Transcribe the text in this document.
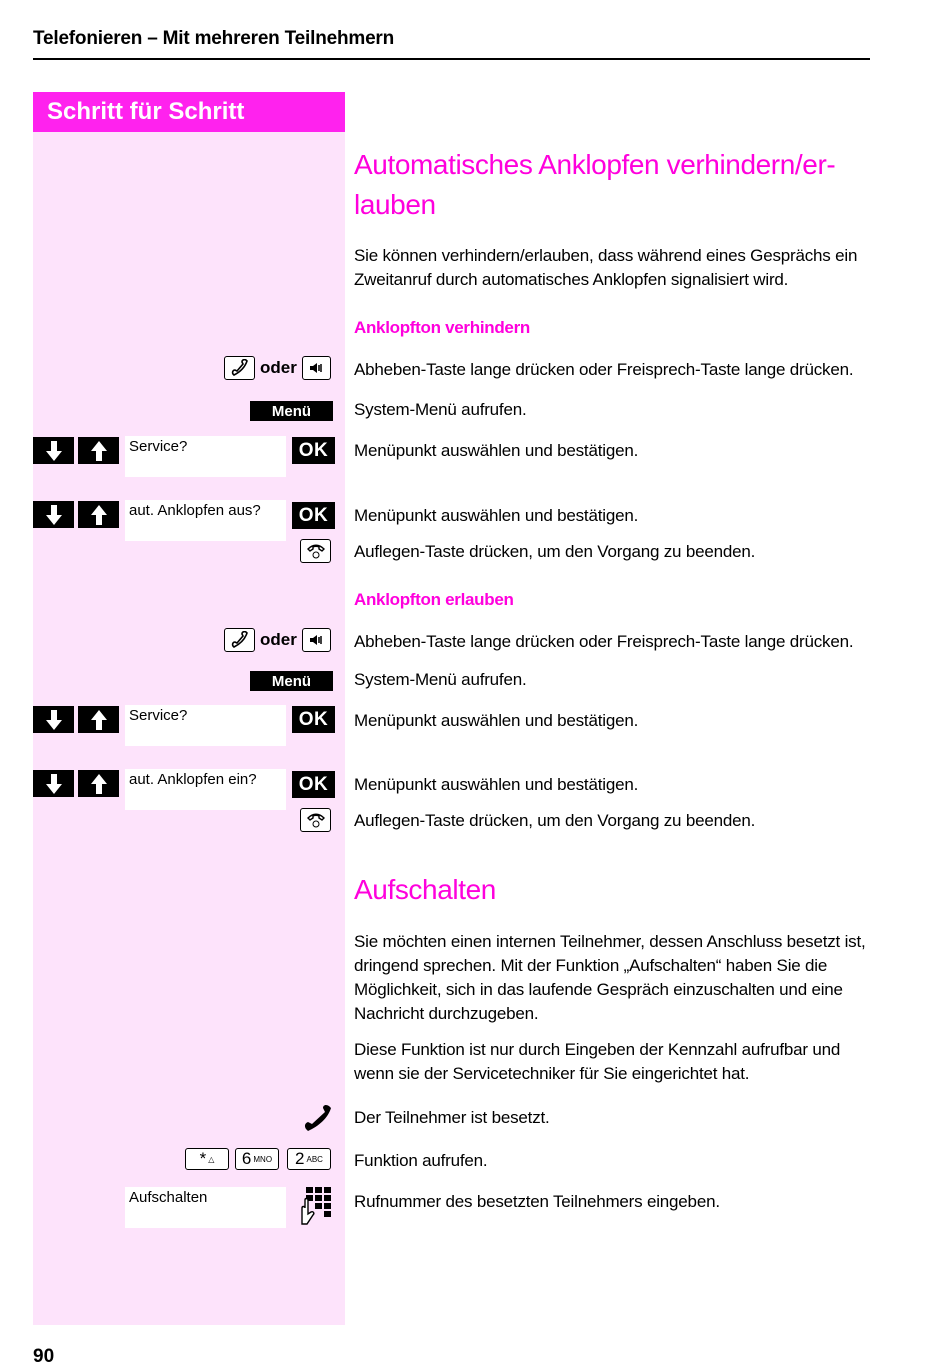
Telefonieren – Mit mehreren Teilnehmern
Schritt für Schritt
Automatisches Anklopfen verhindern/er-
lauben
Sie können verhindern/erlauben, dass während eines Gesprächs ein Zweitanruf durch automatisches Anklopfen signalisiert wird.
Anklopfton verhindern
oder	Abheben-Taste lange drücken oder Freisprech-Taste lange drücken.
Menü	System-Menü aufrufen.
Service?	OK	Menüpunkt auswählen und bestätigen.
aut. Anklopfen aus?	OK	Menüpunkt auswählen und bestätigen.
Auflegen-Taste drücken, um den Vorgang zu beenden.
Anklopfton erlauben
oder	Abheben-Taste lange drücken oder Freisprech-Taste lange drücken.
Menü	System-Menü aufrufen.
Service?	OK	Menüpunkt auswählen und bestätigen.
aut. Anklopfen ein?	OK	Menüpunkt auswählen und bestätigen.
Auflegen-Taste drücken, um den Vorgang zu beenden.
Aufschalten
Sie möchten einen internen Teilnehmer, dessen Anschluss besetzt ist, dringend sprechen. Mit der Funktion „Aufschalten“ haben Sie die Möglichkeit, sich in das laufende Gespräch einzuschalten und eine Nachricht durchzugeben.
Diese Funktion ist nur durch Eingeben der Kennzahl aufrufbar und wenn sie der Servicetechniker für Sie eingerichtet hat.
Der Teilnehmer ist besetzt.
* △ 6 MNO 2 ABC Funktion aufrufen.
Aufschalten	Rufnummer des besetzten Teilnehmers eingeben.
90
